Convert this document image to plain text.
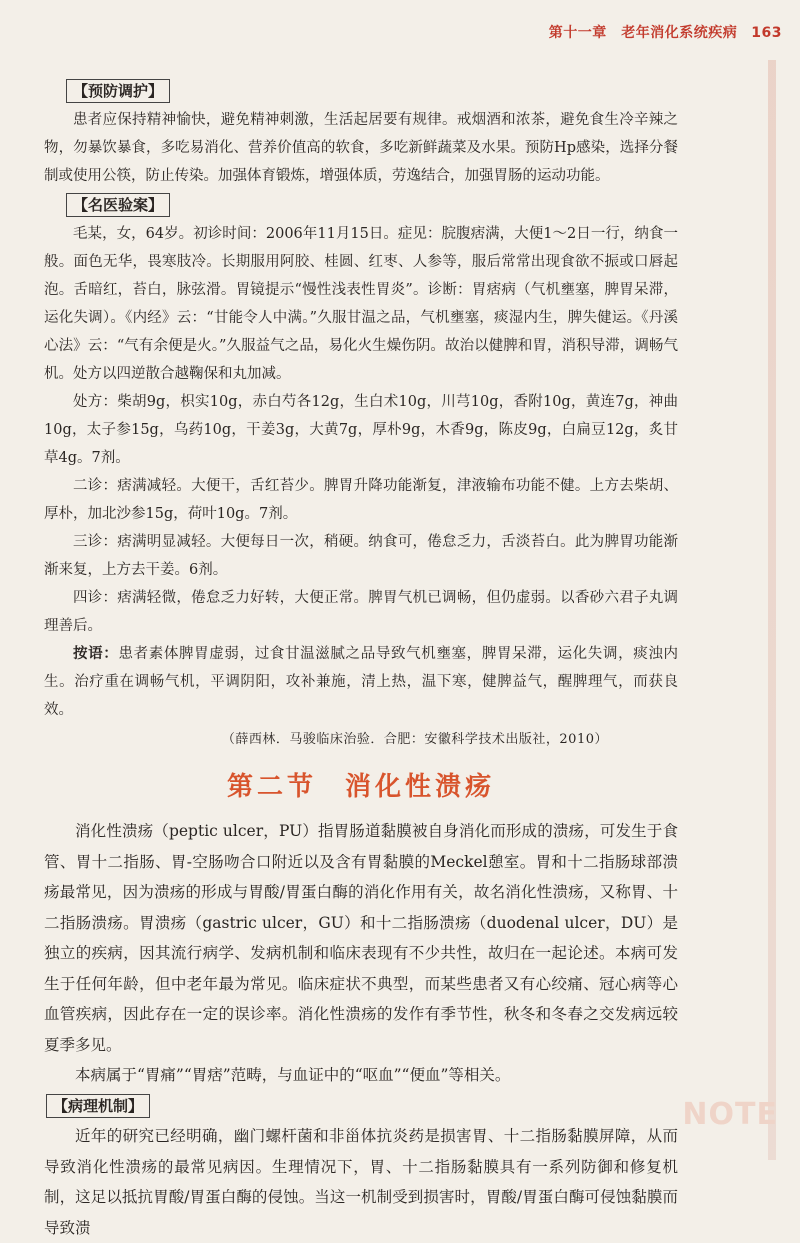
第十一章　老年消化系统疾病 163
NOTE
【预防调护】

患者应保持精神愉快，避免精神刺激，生活起居要有规律。戒烟酒和浓茶，避免食生冷辛辣之物，勿暴饮暴食，多吃易消化、营养价值高的软食，多吃新鲜蔬菜及水果。预防Hp感染，选择分餐制或使用公筷，防止传染。加强体育锻炼，增强体质，劳逸结合，加强胃肠的运动功能。

【名医验案】

毛某，女，64岁。初诊时间：2006年11月15日。症见：脘腹痞满，大便1～2日一行，纳食一般。面色无华，畏寒肢冷。长期服用阿胶、桂圆、红枣、人参等，服后常常出现食欲不振或口唇起泡。舌暗红，苔白，脉弦滑。胃镜提示“慢性浅表性胃炎”。诊断：胃痞病（气机壅塞，脾胃呆滞，运化失调）。《内经》云：“甘能令人中满。”久服甘温之品，气机壅塞，痰湿内生，脾失健运。《丹溪心法》云：“气有余便是火。”久服益气之品，易化火生燥伤阴。故治以健脾和胃，消积导滞，调畅气机。处方以四逆散合越鞠保和丸加减。

处方：柴胡9g，枳实10g，赤白芍各12g，生白术10g，川芎10g，香附10g，黄连7g，神曲10g，太子参15g，乌药10g，干姜3g，大黄7g，厚朴9g，木香9g，陈皮9g，白扁豆12g，炙甘草4g。7剂。

二诊：痞满减轻。大便干，舌红苔少。脾胃升降功能渐复，津液输布功能不健。上方去柴胡、厚朴，加北沙参15g，荷叶10g。7剂。

三诊：痞满明显减轻。大便每日一次，稍硬。纳食可，倦怠乏力，舌淡苔白。此为脾胃功能渐渐来复，上方去干姜。6剂。

四诊：痞满轻微，倦怠乏力好转，大便正常。脾胃气机已调畅，但仍虚弱。以香砂六君子丸调理善后。

按语：患者素体脾胃虚弱，过食甘温滋腻之品导致气机壅塞，脾胃呆滞，运化失调，痰浊内生。治疗重在调畅气机，平调阴阳，攻补兼施，清上热，温下寒，健脾益气，醒脾理气，而获良效。

（薛西林．马骏临床治验．合肥：安徽科学技术出版社，2010）
第二节 消化性溃疡

消化性溃疡（peptic ulcer，PU）指胃肠道黏膜被自身消化而形成的溃疡，可发生于食管、胃十二指肠、胃-空肠吻合口附近以及含有胃黏膜的Meckel憩室。胃和十二指肠球部溃疡最常见，因为溃疡的形成与胃酸/胃蛋白酶的消化作用有关，故名消化性溃疡，又称胃、十二指肠溃疡。胃溃疡（gastric ulcer，GU）和十二指肠溃疡（duodenal ulcer，DU）是独立的疾病，因其流行病学、发病机制和临床表现有不少共性，故归在一起论述。本病可发生于任何年龄，但中老年最为常见。临床症状不典型，而某些患者又有心绞痛、冠心病等心血管疾病，因此存在一定的误诊率。消化性溃疡的发作有季节性，秋冬和冬春之交发病远较夏季多见。

本病属于“胃痛”“胃痞”范畴，与血证中的“呕血”“便血”等相关。

【病理机制】

近年的研究已经明确，幽门螺杆菌和非甾体抗炎药是损害胃、十二指肠黏膜屏障，从而导致消化性溃疡的最常见病因。生理情况下，胃、十二指肠黏膜具有一系列防御和修复机制，这足以抵抗胃酸/胃蛋白酶的侵蚀。当这一机制受到损害时，胃酸/胃蛋白酶可侵蚀黏膜而导致溃
